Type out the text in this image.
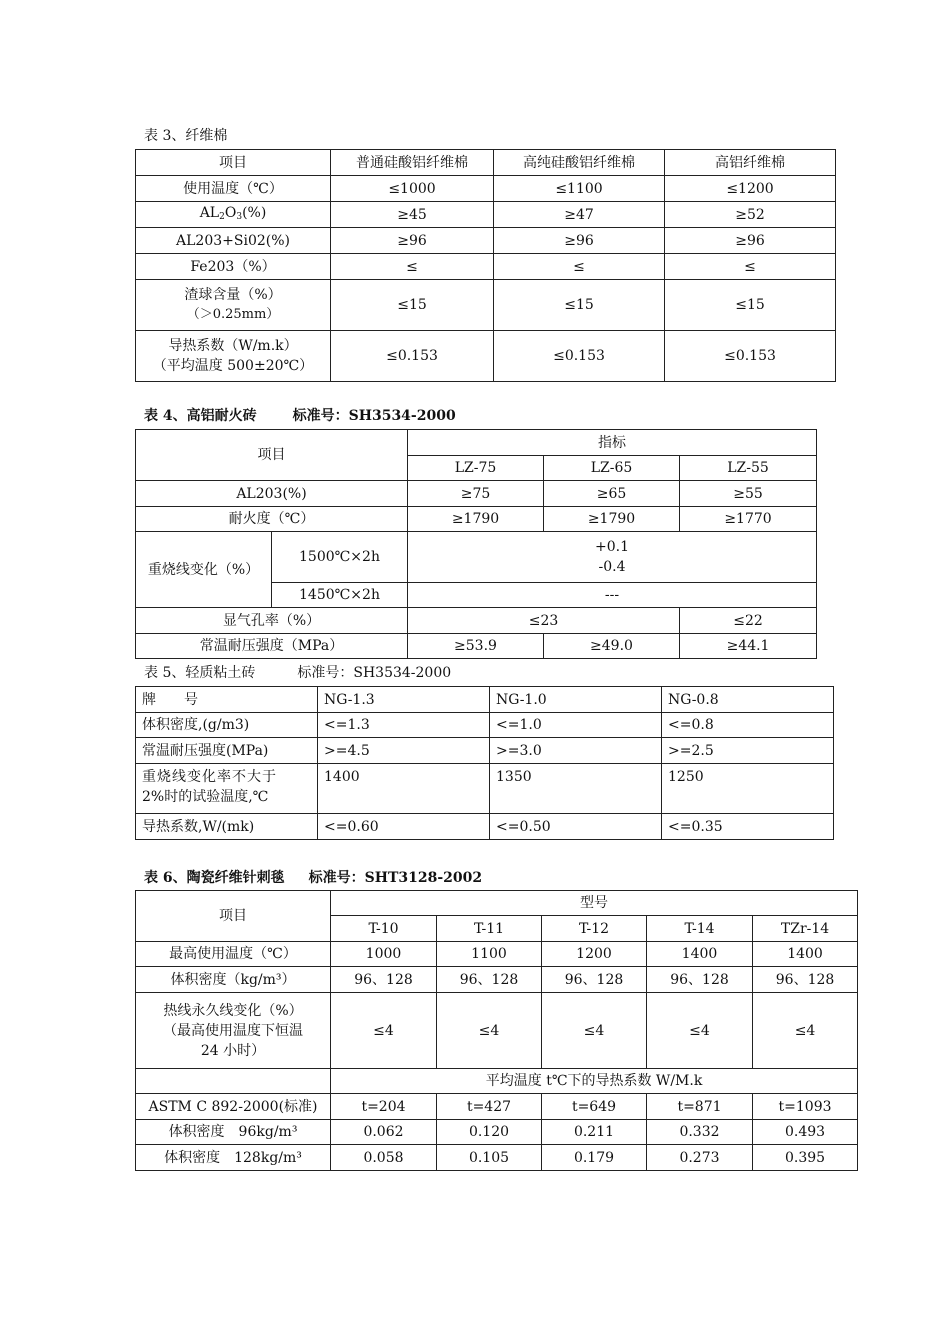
表 3、纤维棉
项目	普通硅酸铝纤维棉	高纯硅酸铝纤维棉	高铝纤维棉
使用温度（℃）	≤1000	≤1100	≤1200
$AL_2O_3(\%)$	≥45	≥47	≥52
AL203+Si02(%)	≥96	≥96	≥96
Fe203（%）	≤	≤	≤

渣球含量（%）
（＞0.25mm）	≤15	≤15	≤15

导热系数（W/m.k）
（平均温度 500±20℃）	≤0.153	≤0.153	≤0.153
表 4、高铝耐火砖	标准号：SH3534-2000
项目		指标		
		LZ-75	LZ-65	LZ-55
AL203(%)		≥75	≥65	≥55
耐火度（℃）		≥1790	≥1790	≥1770
重烧线变化（%）	1500℃×2h	+0.1
-0.4		

	1450℃×2h	---		
显气孔率（%）		≤23		≤22
常温耐压强度（MPa）		≥53.9	≥49.0	≥44.1
表 5、轻质粘土砖	标准号：SH3534-2000
牌　　号	NG-1.3	NG-1.0	NG-0.8
体积密度,(g/m3)	<=1.3	<=1.0	<=0.8
常温耐压强度(MPa)	>=4.5	>=3.0	>=2.5

重烧线变化率不大于
2%时的试验温度,℃	1400	1350	1250
导热系数,W/(mk)	<=0.60	<=0.50	<=0.35
表 6、陶瓷纤维针刺毯 标准号：SHT3128-2002
项目	型号				
	T-10	T-11	T-12	T-14	TZr-14
最高使用温度（℃）	1000	1100	1200	1400	1400
体积密度（kg/m³）	96、128	96、128	96、128	96、128	96、128

热线永久线变化（%）
（最高使用温度下恒温
24 小时）	≤4	≤4	≤4	≤4	≤4
	平均温度 t℃下的导热系数 W/M.k				
ASTM C 892-2000(标准)	t=204	t=427	t=649	t=871	t=1093
体积密度　96kg/m³	0.062	0.120	0.211	0.332	0.493
体积密度　128kg/m³	0.058	0.105	0.179	0.273	0.395
